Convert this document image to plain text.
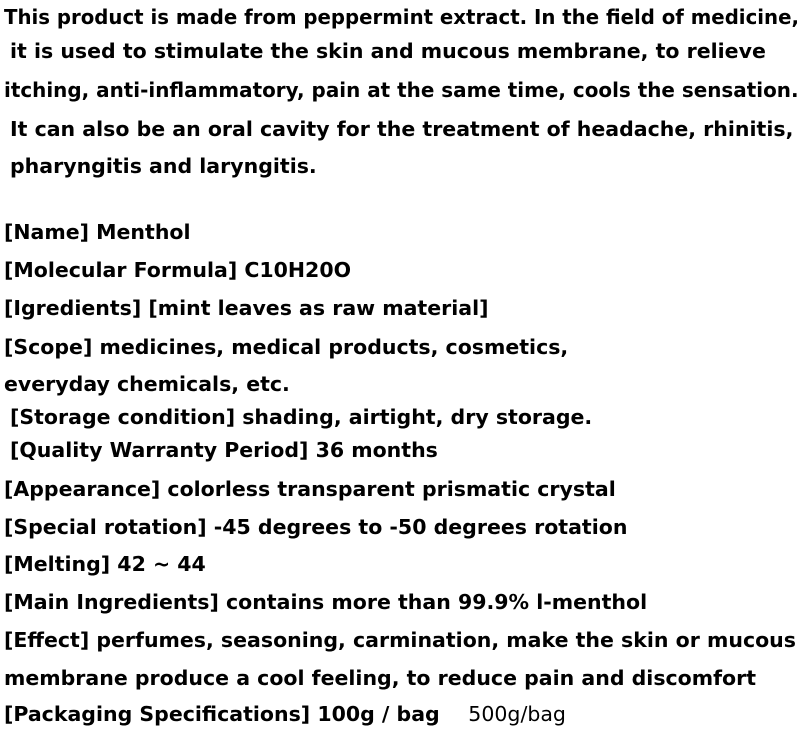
This product is made from peppermint extract. In the field of medicine,
it is used to stimulate the skin and mucous membrane, to relieve
itching, anti-inflammatory, pain at the same time, cools the sensation.
It can also be an oral cavity for the treatment of headache, rhinitis,
pharyngitis and laryngitis.
[Name] Menthol
[Molecular Formula] C10H20O
[Igredients] [mint leaves as raw material]
[Scope] medicines, medical products, cosmetics,
everyday chemicals, etc.
[Storage condition] shading, airtight, dry storage.
[Quality Warranty Period] 36 months
[Appearance] colorless transparent prismatic crystal
[Special rotation] -45 degrees to -50 degrees rotation
[Melting] 42 ~ 44
[Main Ingredients] contains more than 99.9% l-menthol
[Effect] perfumes, seasoning, carmination, make the skin or mucous
membrane produce a cool feeling, to reduce pain and discomfort
[Packaging Specifications] 100g / bag 500g/bag
